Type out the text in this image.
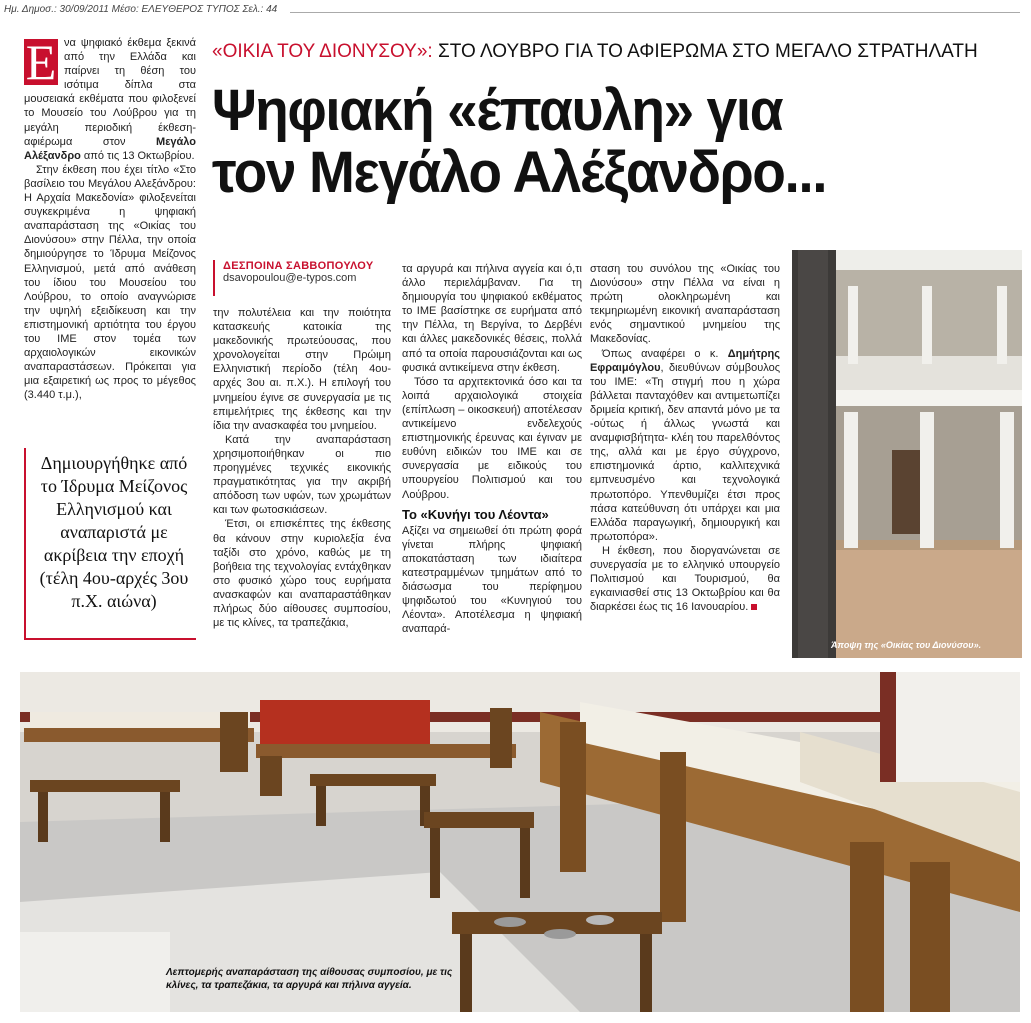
Ημ. Δημοσ.: 30/09/2011 Μέσο: ΕΛΕΥΘΕΡΟΣ ΤΥΠΟΣ Σελ.: 44
«ΟΙΚΙΑ ΤΟΥ ΔΙΟΝΥΣΟΥ»: ΣΤΟ ΛΟΥΒΡΟ ΓΙΑ ΤΟ ΑΦΙΕΡΩΜΑ ΣΤΟ ΜΕΓΑΛΟ ΣΤΡΑΤΗΛΑΤΗ
Ψηφιακή «έπαυλη» για
τον Μεγάλο Αλέξανδρο...
Ε να ψηφιακό έκθεμα ξεκινά από την Ελλάδα και παίρνει τη θέση του ισότιμα δίπλα στα μουσειακά εκθέματα που φιλοξενεί το Μουσείο του Λούβρου για τη μεγάλη περιοδική έκθεση-αφιέρωμα στον Μεγάλο Αλέξανδρο από τις 13 Οκτωβρίου.

Στην έκθεση που έχει τίτλο «Στο βασίλειο του Μεγάλου Αλεξάνδρου: Η Αρχαία Μακεδονία» φιλοξενείται συγκεκριμένα η ψηφιακή αναπαράσταση της «Οικίας του Διονύσου» στην Πέλλα, την οποία δημιούργησε το Ίδρυμα Μείζονος Ελληνισμού, μετά από ανάθεση του ίδιου του Μουσείου του Λούβρου, το οποίο αναγνώρισε την υψηλή εξειδίκευση και την επιστημονική αρτιότητα του έργου του ΙΜΕ στον τομέα των αρχαιολογικών εικονικών αναπαραστάσεων. Πρόκειται για μια εξαιρετική ως προς το μέγεθος (3.440 τ.μ.),

Δημιουργήθηκε από το Ίδρυμα Μείζονος Ελληνισμού και αναπαριστά με ακρίβεια την εποχή (τέλη 4ου-αρχές 3ου π.Χ. αιώνα)
ΔΕΣΠΟΙΝΑ ΣΑΒΒΟΠΟΥΛΟΥ
dsavopoulou@e-typos.com

την πολυτέλεια και την ποιότητα κατασκευής κατοικία της μακεδονικής πρωτεύουσας, που χρονολογείται στην Πρώιμη Ελληνιστική περίοδο (τέλη 4ου-αρχές 3ου αι. π.Χ.). Η επιλογή του μνημείου έγινε σε συνεργασία με τις επιμελήτριες της έκθεσης και την ίδια την ανασκαφέα του μνημείου.

Κατά την αναπαράσταση χρησιμοποιήθηκαν οι πιο προηγμένες τεχνικές εικονικής πραγματικότητας για την ακριβή απόδοση των υφών, των χρωμάτων και των φωτοσκιάσεων.

Έτσι, οι επισκέπτες της έκθεσης θα κάνουν στην κυριολεξία ένα ταξίδι στο χρόνο, καθώς με τη βοήθεια της τεχνολογίας εντάχθηκαν στο φυσικό χώρο τους ευρήματα ανασκαφών και αναπαραστάθηκαν πλήρως δύο αίθουσες συμποσίου, με τις κλίνες, τα τραπεζάκια,

τα αργυρά και πήλινα αγγεία και ό,τι άλλο περιελάμβαναν. Για τη δημιουργία του ψηφιακού εκθέματος το ΙΜΕ βασίστηκε σε ευρήματα από την Πέλλα, τη Βεργίνα, το Δερβένι και άλλες μακεδονικές θέσεις, πολλά από τα οποία παρουσιάζονται και ως φυσικά αντικείμενα στην έκθεση.

Τόσο τα αρχιτεκτονικά όσο και τα λοιπά αρχαιολογικά στοιχεία (επίπλωση – οικοσκευή) αποτέλεσαν αντικείμενο ενδελεχούς επιστημονικής έρευνας και έγιναν με ευθύνη ειδικών του ΙΜΕ και σε συνεργασία με ειδικούς του υπουργείου Πολιτισμού και του Λούβρου.

Το «Κυνήγι του Λέοντα»

Αξίζει να σημειωθεί ότι πρώτη φορά γίνεται πλήρης ψηφιακή αποκατάσταση των ιδιαίτερα κατεστραμμένων τμημάτων από το διάσωσμα του περίφημου ψηφιδωτού του «Κυνηγιού του Λέοντα». Αποτέλεσμα η ψηφιακή αναπαρά-

σταση του συνόλου της «Οικίας του Διονύσου» στην Πέλλα να είναι η πρώτη ολοκληρωμένη και τεκμηριωμένη εικονική αναπαράσταση ενός σημαντικού μνημείου της Μακεδονίας.

Όπως αναφέρει ο κ. Δημήτρης Εφραιμόγλου, διευθύνων σύμβουλος του ΙΜΕ: «Τη στιγμή που η χώρα βάλλεται πανταχόθεν και αντιμετωπίζει δριμεία κριτική, δεν απαντά μόνο με τα -ούτως ή άλλως γνωστά και αναμφισβήτητα- κλέη του παρελθόντος της, αλλά και με έργο σύγχρονο, επιστημονικά άρτιο, καλλιτεχνικά εμπνευσμένο και τεχνολογικά πρωτοπόρο. Υπενθυμίζει έτσι προς πάσα κατεύθυνση ότι υπάρχει και μια Ελλάδα παραγωγική, δημιουργική και πρωτοπόρα».

Η έκθεση, που διοργανώνεται σε συνεργασία με το ελληνικό υπουργείο Πολιτισμού και Τουρισμού, θα εγκαινιασθεί στις 13 Οκτωβρίου και θα διαρκέσει έως τις 16 Ιανουαρίου.

Άποψη της «Οικίας του Διονύσου».
Λεπτομερής αναπαράσταση της αίθουσας συμποσίου, με τις κλίνες, τα τραπεζάκια, τα αργυρά και πήλινα αγγεία.
